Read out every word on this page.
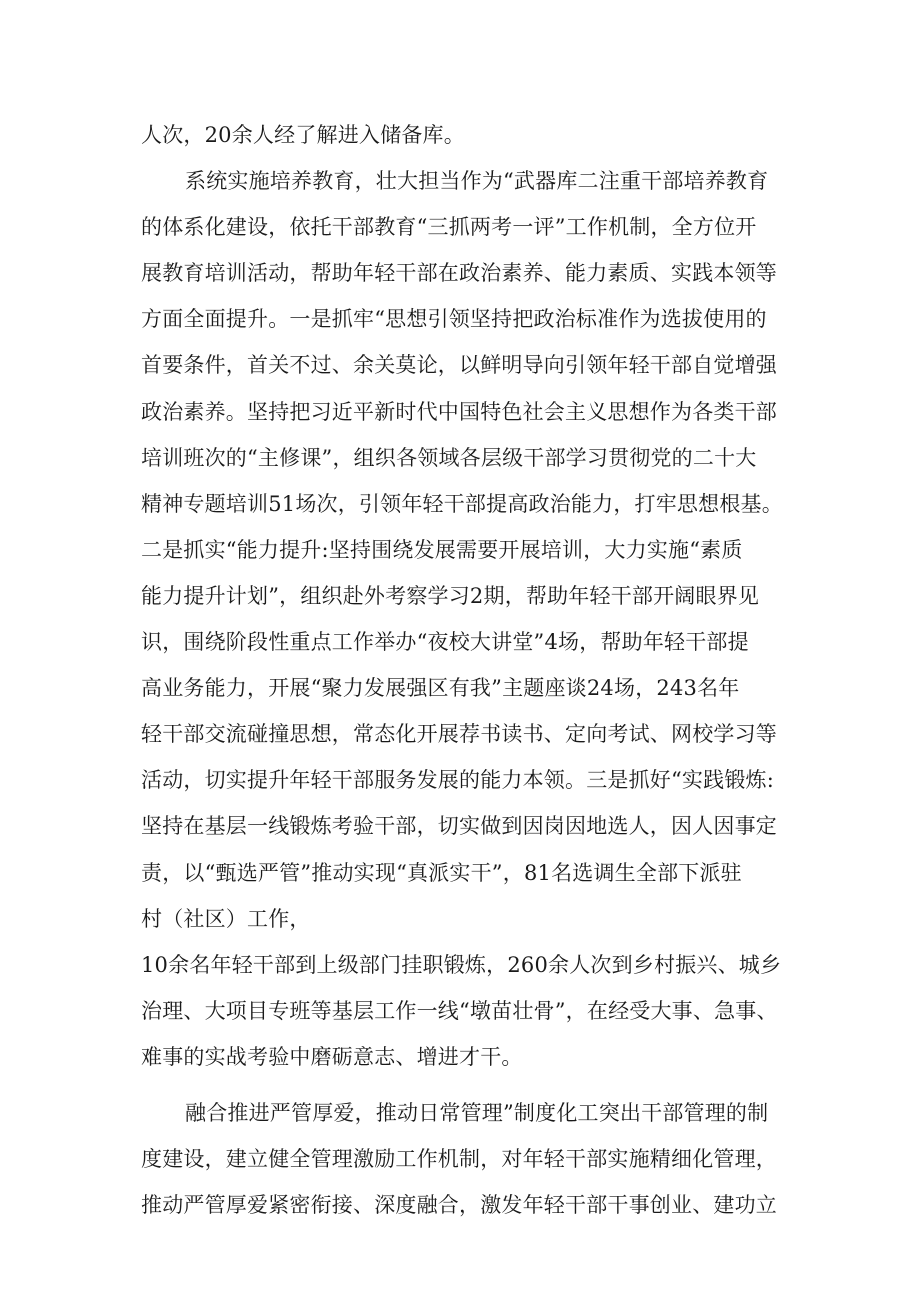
人次，20余人经了解进入储备库。
系统实施培养教育，壮大担当作为“武器库二注重干部培养教育
的体系化建设，依托干部教育“三抓两考一评”工作机制，全方位开
展教育培训活动，帮助年轻干部在政治素养、能力素质、实践本领等
方面全面提升。一是抓牢“思想引领坚持把政治标准作为选拔使用的
首要条件，首关不过、余关莫论，以鲜明导向引领年轻干部自觉增强
政治素养。坚持把习近平新时代中国特色社会主义思想作为各类干部
培训班次的“主修课”，组织各领域各层级干部学习贯彻党的二十大
精神专题培训51场次，引领年轻干部提高政治能力，打牢思想根基。
二是抓实“能力提升:坚持围绕发展需要开展培训，大力实施“素质
能力提升计划”，组织赴外考察学习2期，帮助年轻干部开阔眼界见
识，围绕阶段性重点工作举办“夜校大讲堂”4场，帮助年轻干部提
高业务能力，开展“聚力发展强区有我”主题座谈24场，243名年
轻干部交流碰撞思想，常态化开展荐书读书、定向考试、网校学习等
活动，切实提升年轻干部服务发展的能力本领。三是抓好“实践锻炼:
坚持在基层一线锻炼考验干部，切实做到因岗因地选人，因人因事定
责，以“甄选严管”推动实现“真派实干”，81名选调生全部下派驻
村（社区）工作，
10余名年轻干部到上级部门挂职锻炼，260余人次到乡村振兴、城乡
治理、大项目专班等基层工作一线“墩苗壮骨”，在经受大事、急事、
难事的实战考验中磨砺意志、增进才干。
融合推进严管厚爱，推动日常管理”制度化工突出干部管理的制
度建设，建立健全管理激励工作机制，对年轻干部实施精细化管理，
推动严管厚爱紧密衔接、深度融合，激发年轻干部干事创业、建功立
